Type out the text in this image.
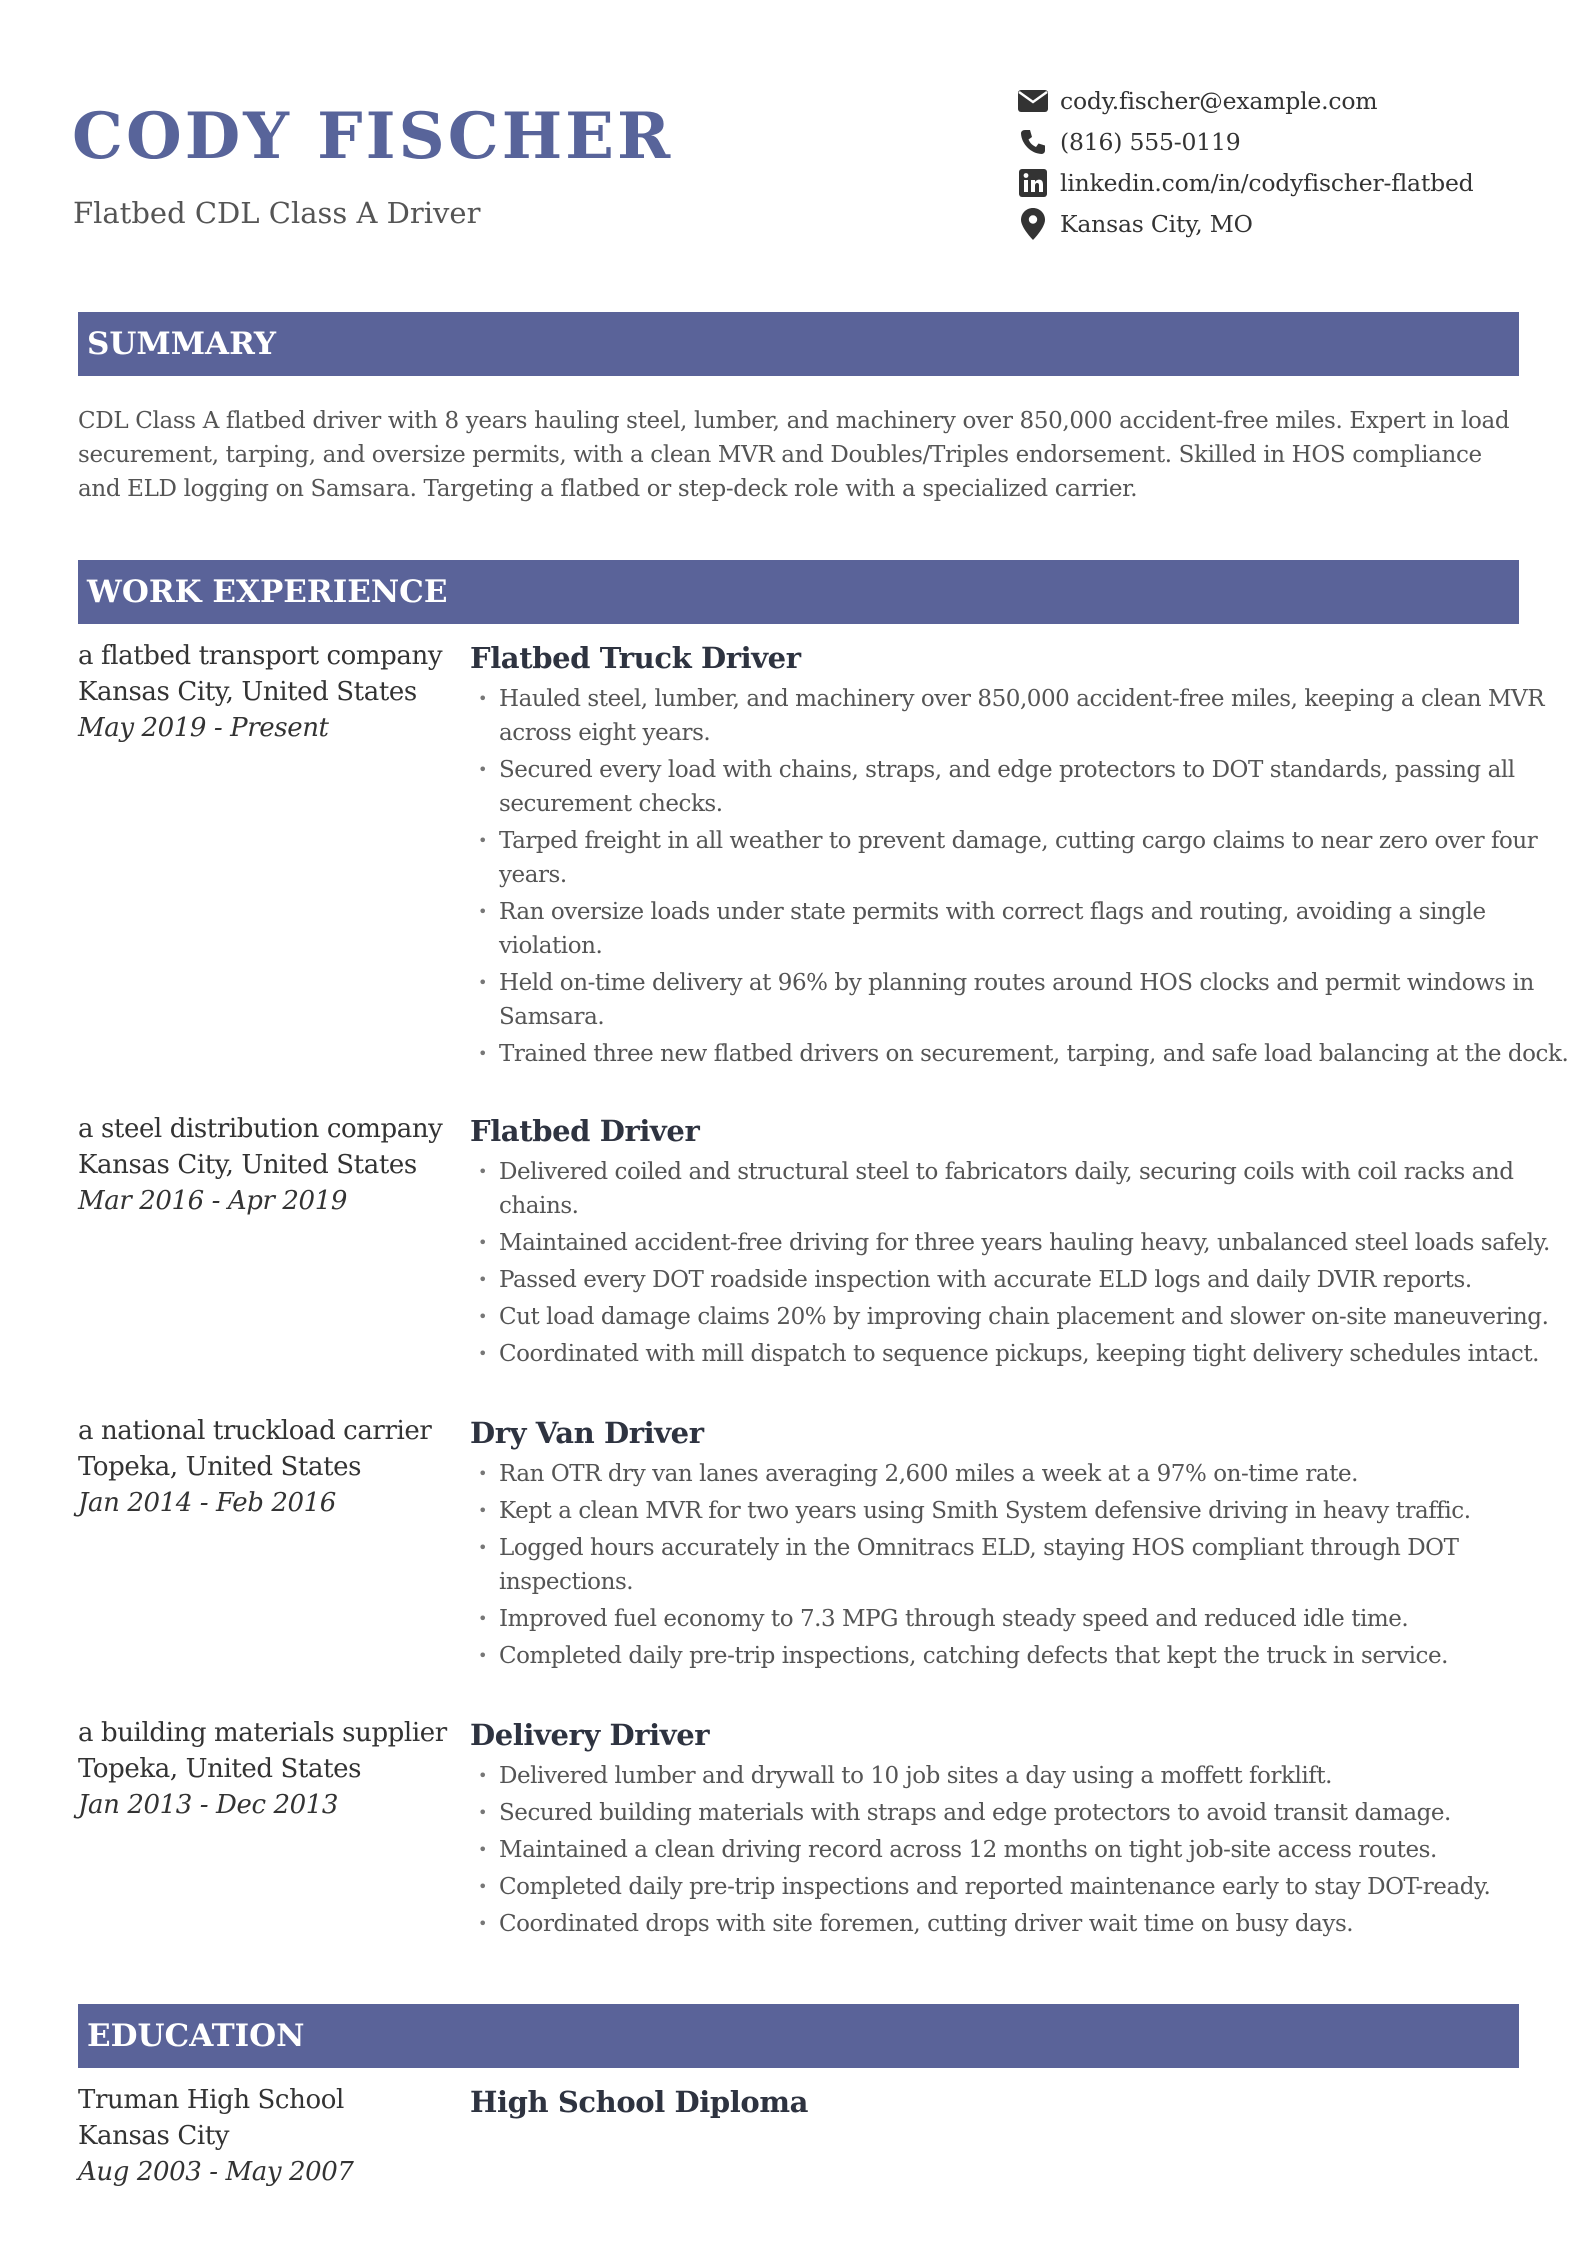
CODY FISCHER
Flatbed CDL Class A Driver
cody.fischer@example.com
(816) 555-0119
linkedin.com/in/codyfischer-flatbed
Kansas City, MO
SUMMARY
CDL Class A flatbed driver with 8 years hauling steel, lumber, and machinery over 850,000 accident-free miles. Expert in load securement, tarping, and oversize permits, with a clean MVR and Doubles/Triples endorsement. Skilled in HOS compliance and ELD logging on Samsara. Targeting a flatbed or step-deck role with a specialized carrier.
WORK EXPERIENCE
a flatbed transport company
Kansas City, United States
May 2019 - Present
Flatbed Truck Driver
• Hauled steel, lumber, and machinery over 850,000 accident-free miles, keeping a clean MVR across eight years.
• Secured every load with chains, straps, and edge protectors to DOT standards, passing all securement checks.
• Tarped freight in all weather to prevent damage, cutting cargo claims to near zero over four years.
• Ran oversize loads under state permits with correct flags and routing, avoiding a single violation.
• Held on-time delivery at 96% by planning routes around HOS clocks and permit windows in Samsara.
• Trained three new flatbed drivers on securement, tarping, and safe load balancing at the dock.
a steel distribution company
Kansas City, United States
Mar 2016 - Apr 2019
Flatbed Driver
• Delivered coiled and structural steel to fabricators daily, securing coils with coil racks and chains.
• Maintained accident-free driving for three years hauling heavy, unbalanced steel loads safely.
• Passed every DOT roadside inspection with accurate ELD logs and daily DVIR reports.
• Cut load damage claims 20% by improving chain placement and slower on-site maneuvering.
• Coordinated with mill dispatch to sequence pickups, keeping tight delivery schedules intact.
a national truckload carrier
Topeka, United States
Jan 2014 - Feb 2016
Dry Van Driver
• Ran OTR dry van lanes averaging 2,600 miles a week at a 97% on-time rate.
• Kept a clean MVR for two years using Smith System defensive driving in heavy traffic.
• Logged hours accurately in the Omnitracs ELD, staying HOS compliant through DOT inspections.
• Improved fuel economy to 7.3 MPG through steady speed and reduced idle time.
• Completed daily pre-trip inspections, catching defects that kept the truck in service.
a building materials supplier
Topeka, United States
Jan 2013 - Dec 2013
Delivery Driver
• Delivered lumber and drywall to 10 job sites a day using a moffett forklift.
• Secured building materials with straps and edge protectors to avoid transit damage.
• Maintained a clean driving record across 12 months on tight job-site access routes.
• Completed daily pre-trip inspections and reported maintenance early to stay DOT-ready.
• Coordinated drops with site foremen, cutting driver wait time on busy days.
EDUCATION
Truman High School
Kansas City
Aug 2003 - May 2007
High School Diploma
